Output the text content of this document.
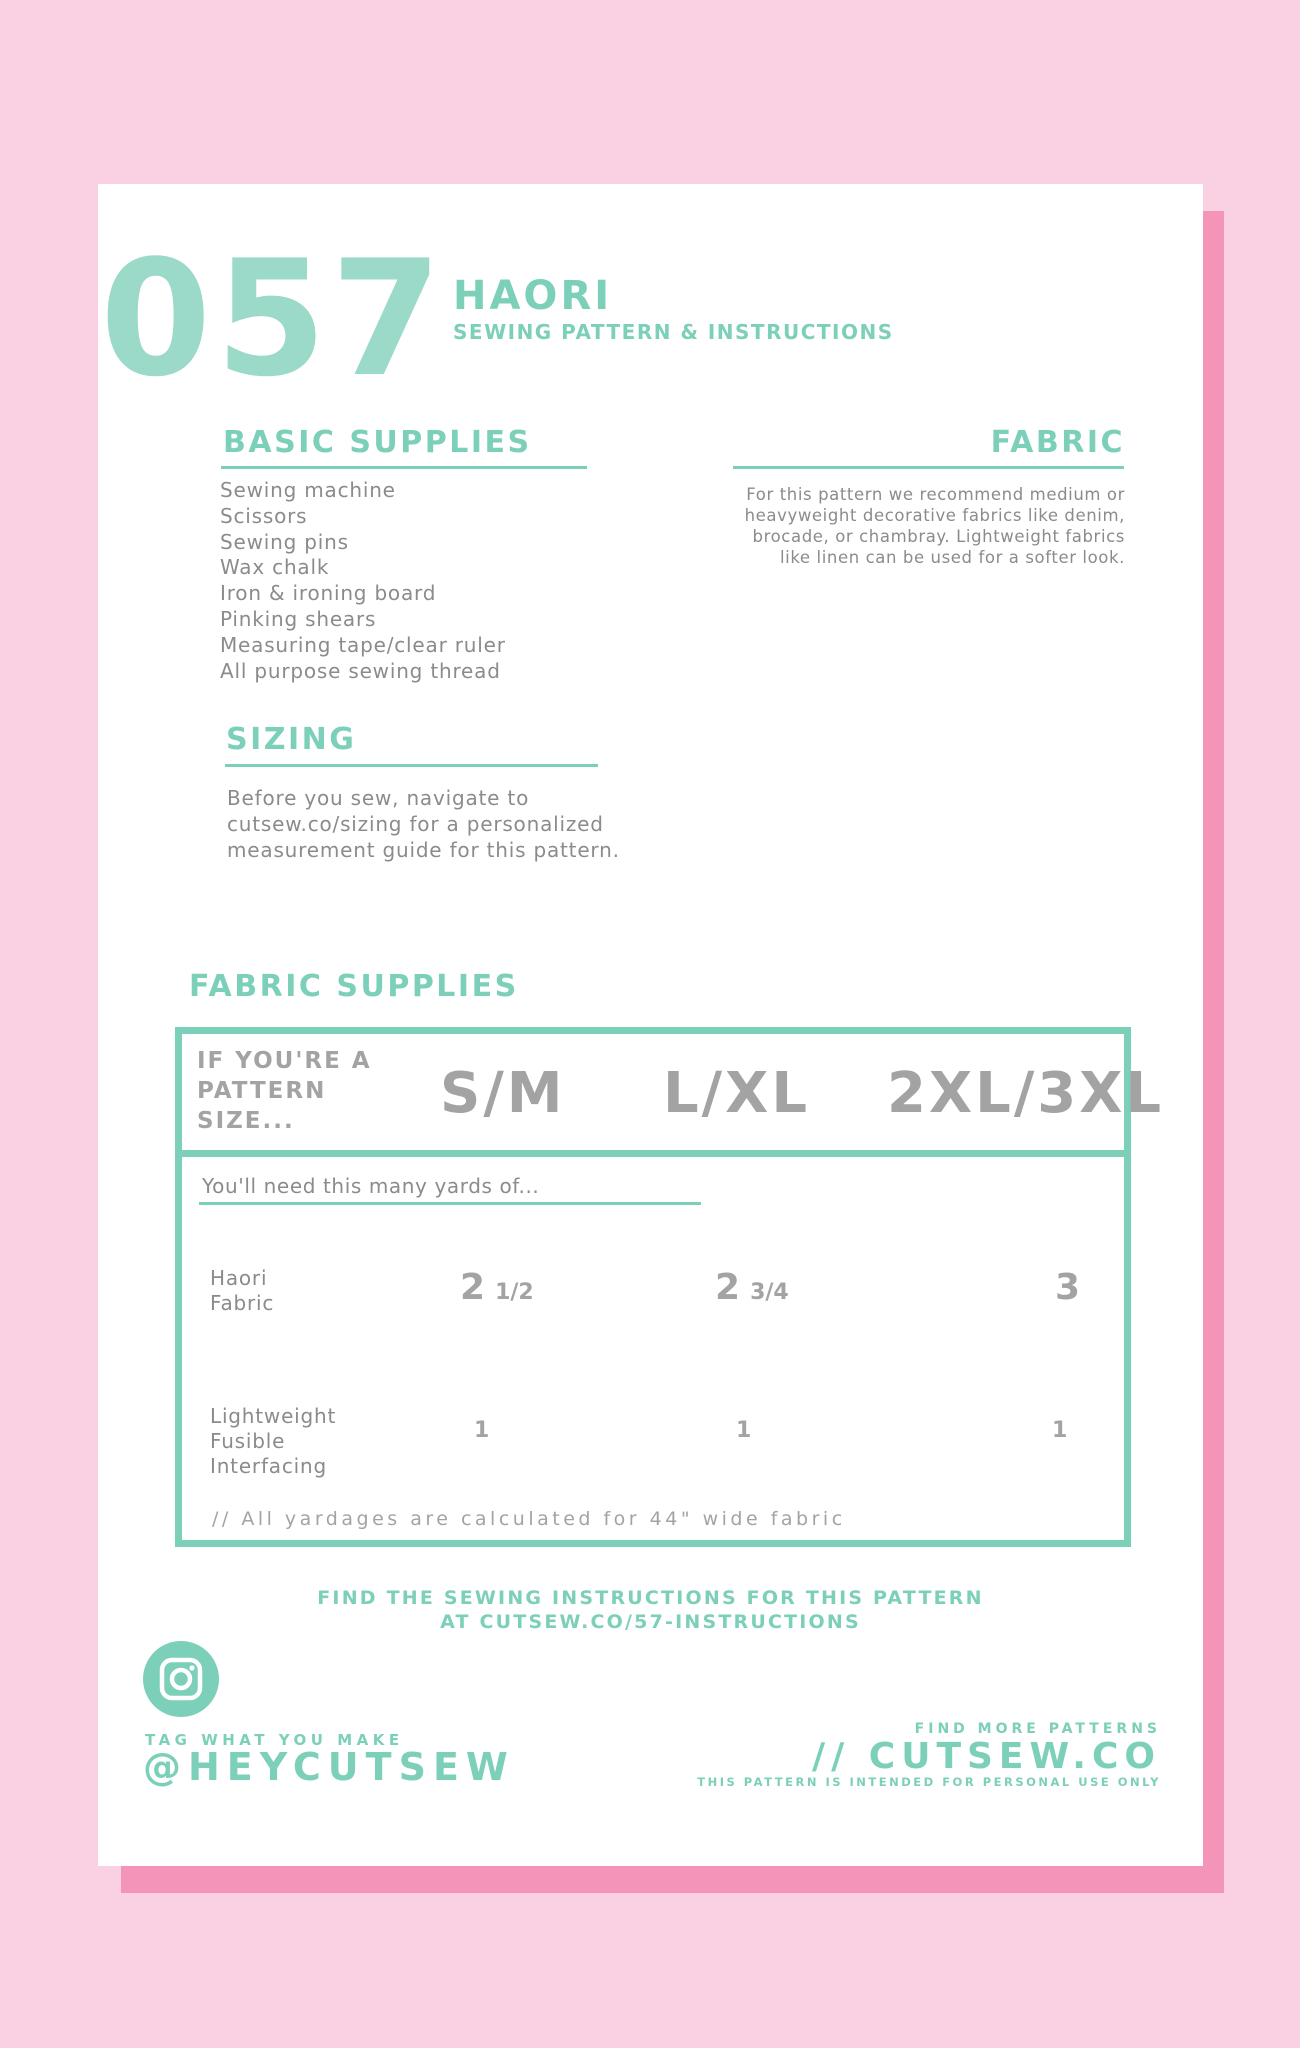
057 HAORI
SEWING PATTERN & INSTRUCTIONS
BASIC SUPPLIES
Sewing machine
Scissors
Sewing pins
Wax chalk
Iron & ironing board
Pinking shears
Measuring tape/clear ruler
All purpose sewing thread
FABRIC
For this pattern we recommend medium or heavyweight decorative fabrics like denim, brocade, or chambray. Lightweight fabrics like linen can be used for a softer look.
SIZING
Before you sew, navigate to cutsew.co/sizing for a personalized measurement guide for this pattern.
FABRIC SUPPLIES
IF YOU'RE A PATTERN SIZE...	S/M L/XL 2XL/3XL
You'll need this many yards of...
Haori
Fabric	2 1/2	2 3/4	3
Lightweight
Fusible
Interfacing
1	1	1
// All yardages are calculated for 44" wide fabric
FIND THE SEWING INSTRUCTIONS FOR THIS PATTERN
AT CUTSEW.CO/57-INSTRUCTIONS
TAG WHAT YOU MAKE
@HEYCUTSEW
FIND MORE PATTERNS
// CUTSEW.CO
THIS PATTERN IS INTENDED FOR PERSONAL USE ONLY
